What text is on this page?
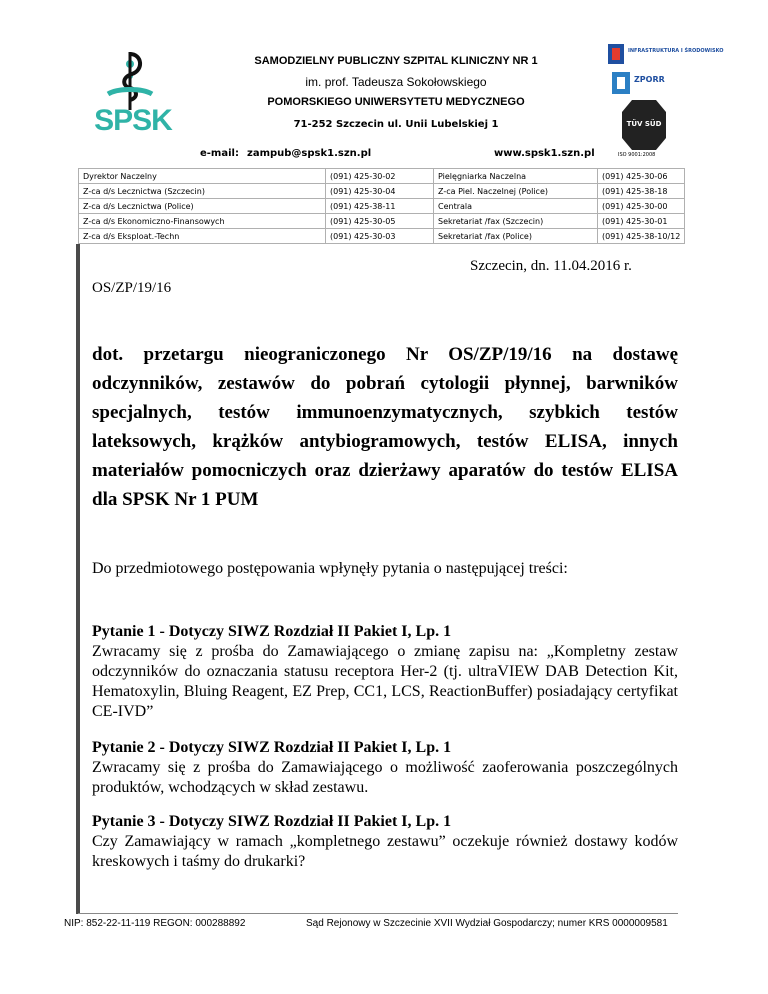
SPSK
SAMODZIELNY PUBLICZNY SZPITAL KLINICZNY NR 1
im. prof. Tadeusza Sokołowskiego
POMORSKIEGO UNIWERSYTETU MEDYCZNEGO
71-252 Szczecin ul. Unii Lubelskiej 1
e-mail: zampub@spsk1.szn.pl	www.spsk1.szn.pl
INFRASTRUKTURA I ŚRODOWISKO
ZPORR
TÜV SÜD
ISO 9001:2008
Dyrektor Naczelny	(091) 425-30-02	Pielęgniarka Naczelna	(091) 425-30-06
Z-ca d/s Lecznictwa (Szczecin)	(091) 425-30-04	Z-ca Piel. Naczelnej (Police)	(091) 425-38-18
Z-ca d/s Lecznictwa (Police)	(091) 425-38-11	Centrala	(091) 425-30-00
Z-ca d/s Ekonomiczno-Finansowych	(091) 425-30-05	Sekretariat /fax (Szczecin)	(091) 425-30-01
Z-ca d/s Eksploat.-Techn	(091) 425-30-03	Sekretariat /fax (Police)	(091) 425-38-10/12
Szczecin, dn. 11.04.2016 r.
OS/ZP/19/16
dot. przetargu nieograniczonego Nr OS/ZP/19/16 na dostawę odczynników, zestawów do pobrań cytologii płynnej, barwników specjalnych, testów immunoenzymatycznych, szybkich testów lateksowych, krążków antybiogramowych, testów ELISA, innych materiałów pomocniczych oraz dzierżawy aparatów do testów ELISA dla SPSK Nr 1 PUM
Do przedmiotowego postępowania wpłynęły pytania o następującej treści:
Pytanie 1 - Dotyczy SIWZ Rozdział II Pakiet I, Lp. 1
Zwracamy się z prośba do Zamawiającego o zmianę zapisu na: „Kompletny zestaw odczynników do oznaczania statusu receptora Her-2 (tj. ultraVIEW DAB Detection Kit, Hematoxylin, Bluing Reagent, EZ Prep, CC1, LCS, ReactionBuffer) posiadający certyfikat CE-IVD”
Pytanie 2 - Dotyczy SIWZ Rozdział II Pakiet I, Lp. 1
Zwracamy się z prośba do Zamawiającego o możliwość zaoferowania poszczególnych produktów, wchodzących w skład zestawu.
Pytanie 3 - Dotyczy SIWZ Rozdział II Pakiet I, Lp. 1
Czy Zamawiający w ramach „kompletnego zestawu” oczekuje również dostawy kodów kreskowych i taśmy do drukarki?
NIP: 852-22-11-119 REGON: 000288892	Sąd Rejonowy w Szczecinie XVII Wydział Gospodarczy; numer KRS 0000009581
